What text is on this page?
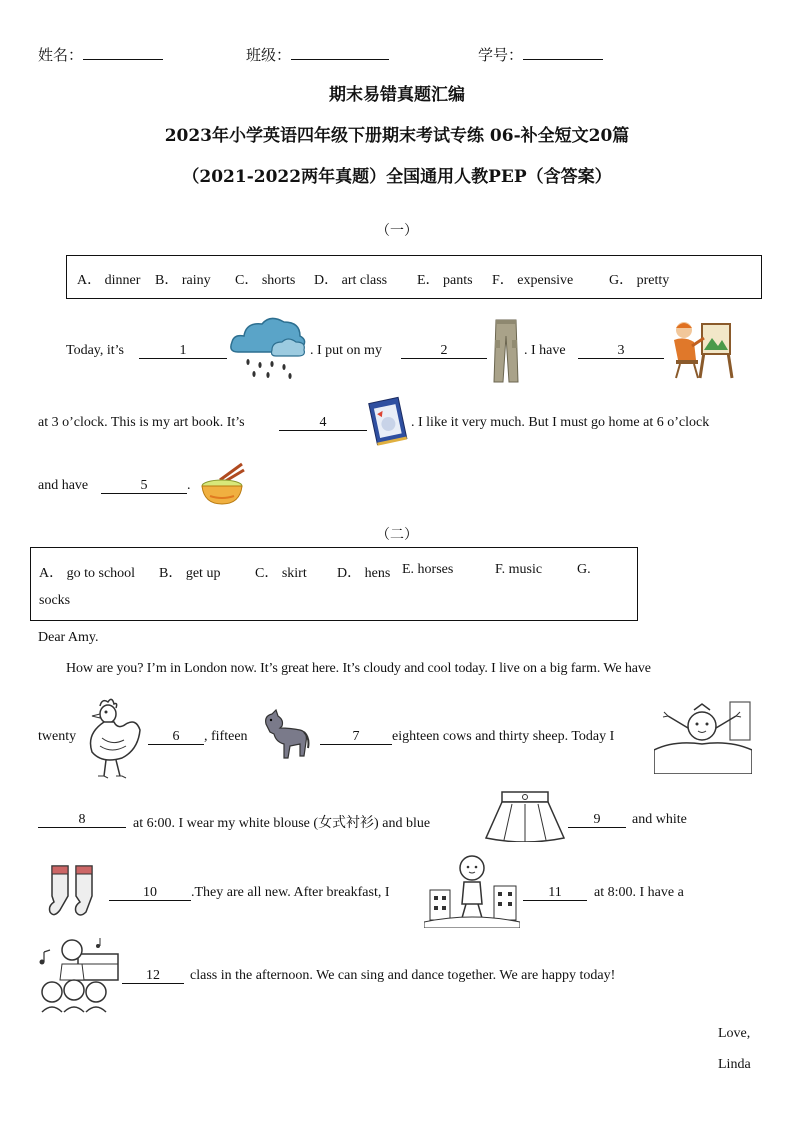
姓名：	班级：	学号：
期末易错真题汇编
2023年小学英语四年级下册期末考试专练 06-补全短文20篇
（2021-2022两年真题）全国通用人教PEP（含答案）
（一）
A． dinner B． rainy C． shorts D． art class E． pants F． expensive	G． pretty
Today, it’s	1	. I put on my	2	. I have	3
at 3 o’clock. This is my art book. It’s	4	. I like it very much. But I must go home at 6 o’clock
and have	5	.
（二）
A． go to school B． get up C． skirt D． hens E. horses	F. music G.
socks
Dear Amy.
How are you? I’m in London now. It’s great here. It’s cloudy and cool today. I live on a big farm. We have
twenty	6	, fifteen	7	eighteen cows and thirty sheep. Today I
8	at 6:00. I wear my white blouse (女式衬衫) and blue	9	and white
10	.They are all new. After breakfast, I	11	at 8:00. I have a
12	class in the afternoon. We can sing and dance together. We are happy today!
Love,
Linda
